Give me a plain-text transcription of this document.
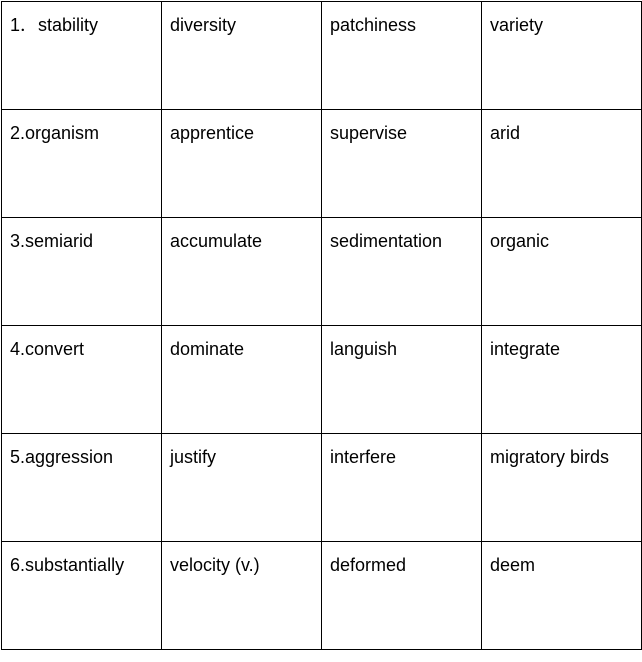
1．stability	diversity	patchiness	variety
2.organism	apprentice	supervise	arid
3.semiarid	accumulate	sedimentation	organic
4.convert	dominate	languish	integrate
5.aggression	justify	interfere	migratory birds
6.substantially	velocity (v.)	deformed	deem
